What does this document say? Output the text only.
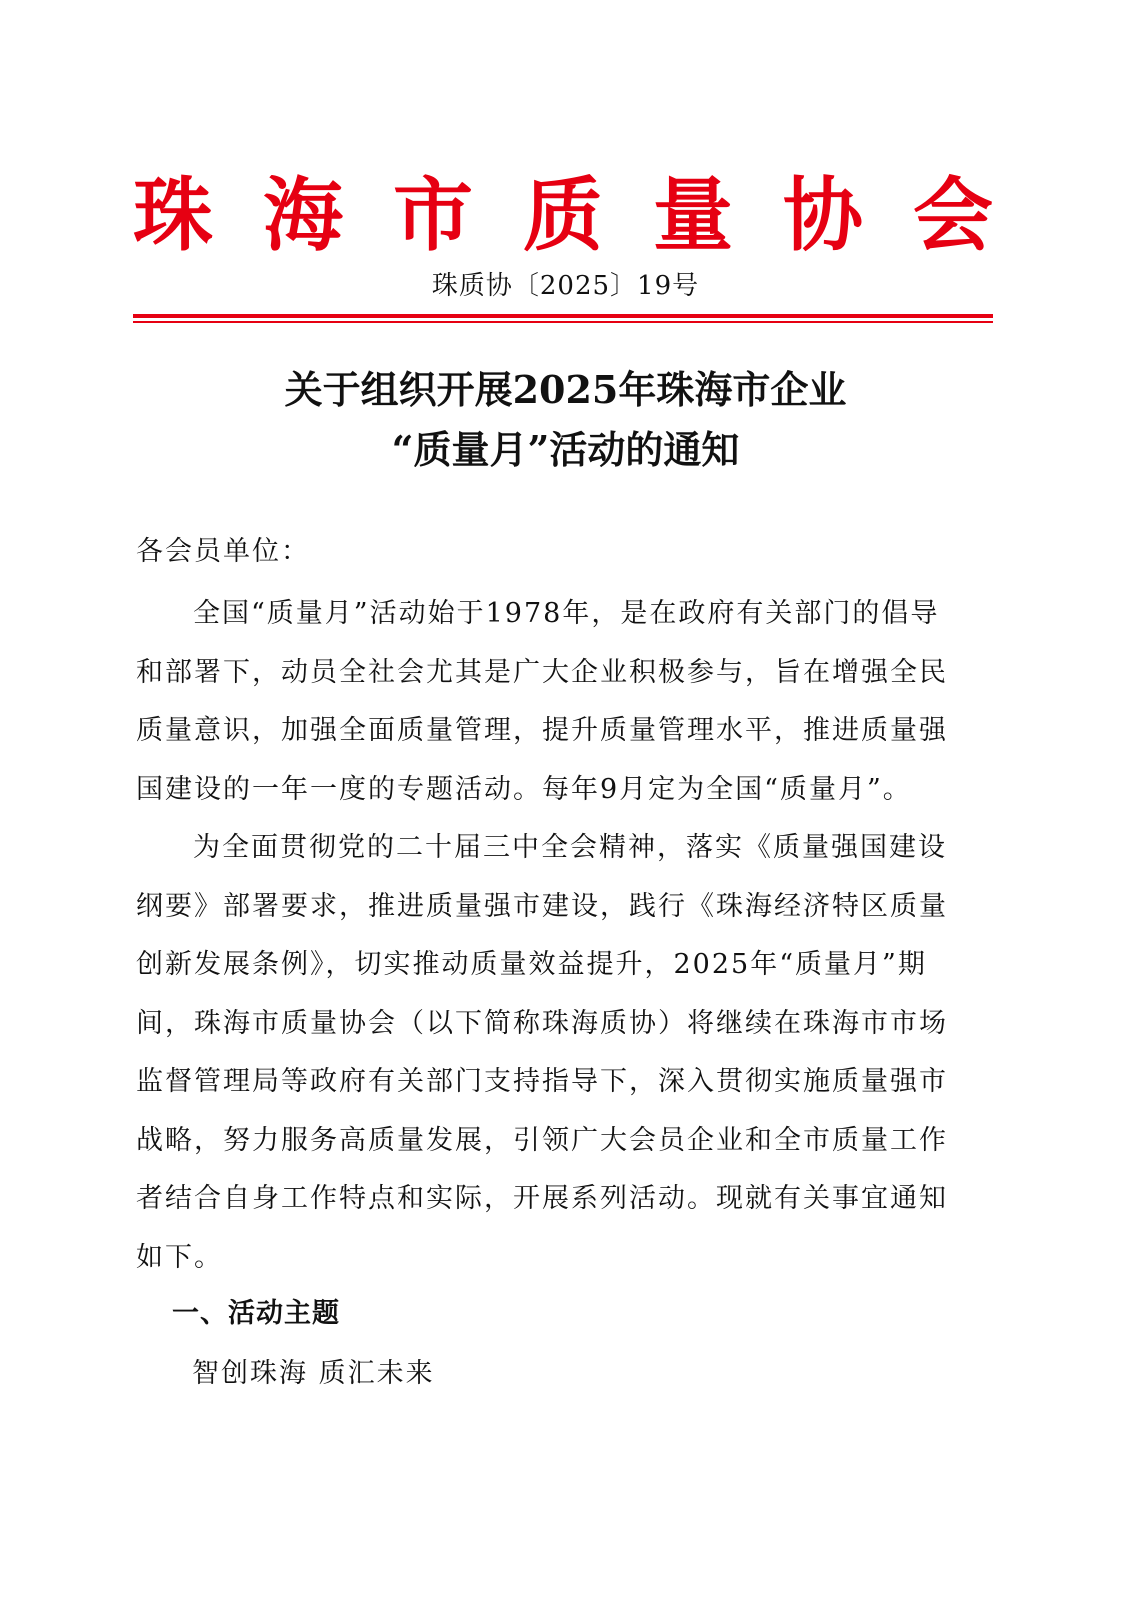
珠 海 市 质 量 协 会
珠质协〔2025〕19号
关于组织开展2025年珠海市企业
“质量月”活动的通知
各会员单位：
全国“质量月”活动始于1978年，是在政府有关部门的倡导
和部署下，动员全社会尤其是广大企业积极参与，旨在增强全民
质量意识，加强全面质量管理，提升质量管理水平，推进质量强
国建设的一年一度的专题活动。每年9月定为全国“质量月”。
为全面贯彻党的二十届三中全会精神，落实《质量强国建设
纲要》部署要求，推进质量强市建设，践行《珠海经济特区质量
创新发展条例》，切实推动质量效益提升，2025年“质量月”期
间，珠海市质量协会（以下简称珠海质协）将继续在珠海市市场
监督管理局等政府有关部门支持指导下，深入贯彻实施质量强市
战略，努力服务高质量发展，引领广大会员企业和全市质量工作
者结合自身工作特点和实际，开展系列活动。现就有关事宜通知
如下。
一、活动主题
智创珠海 质汇未来
